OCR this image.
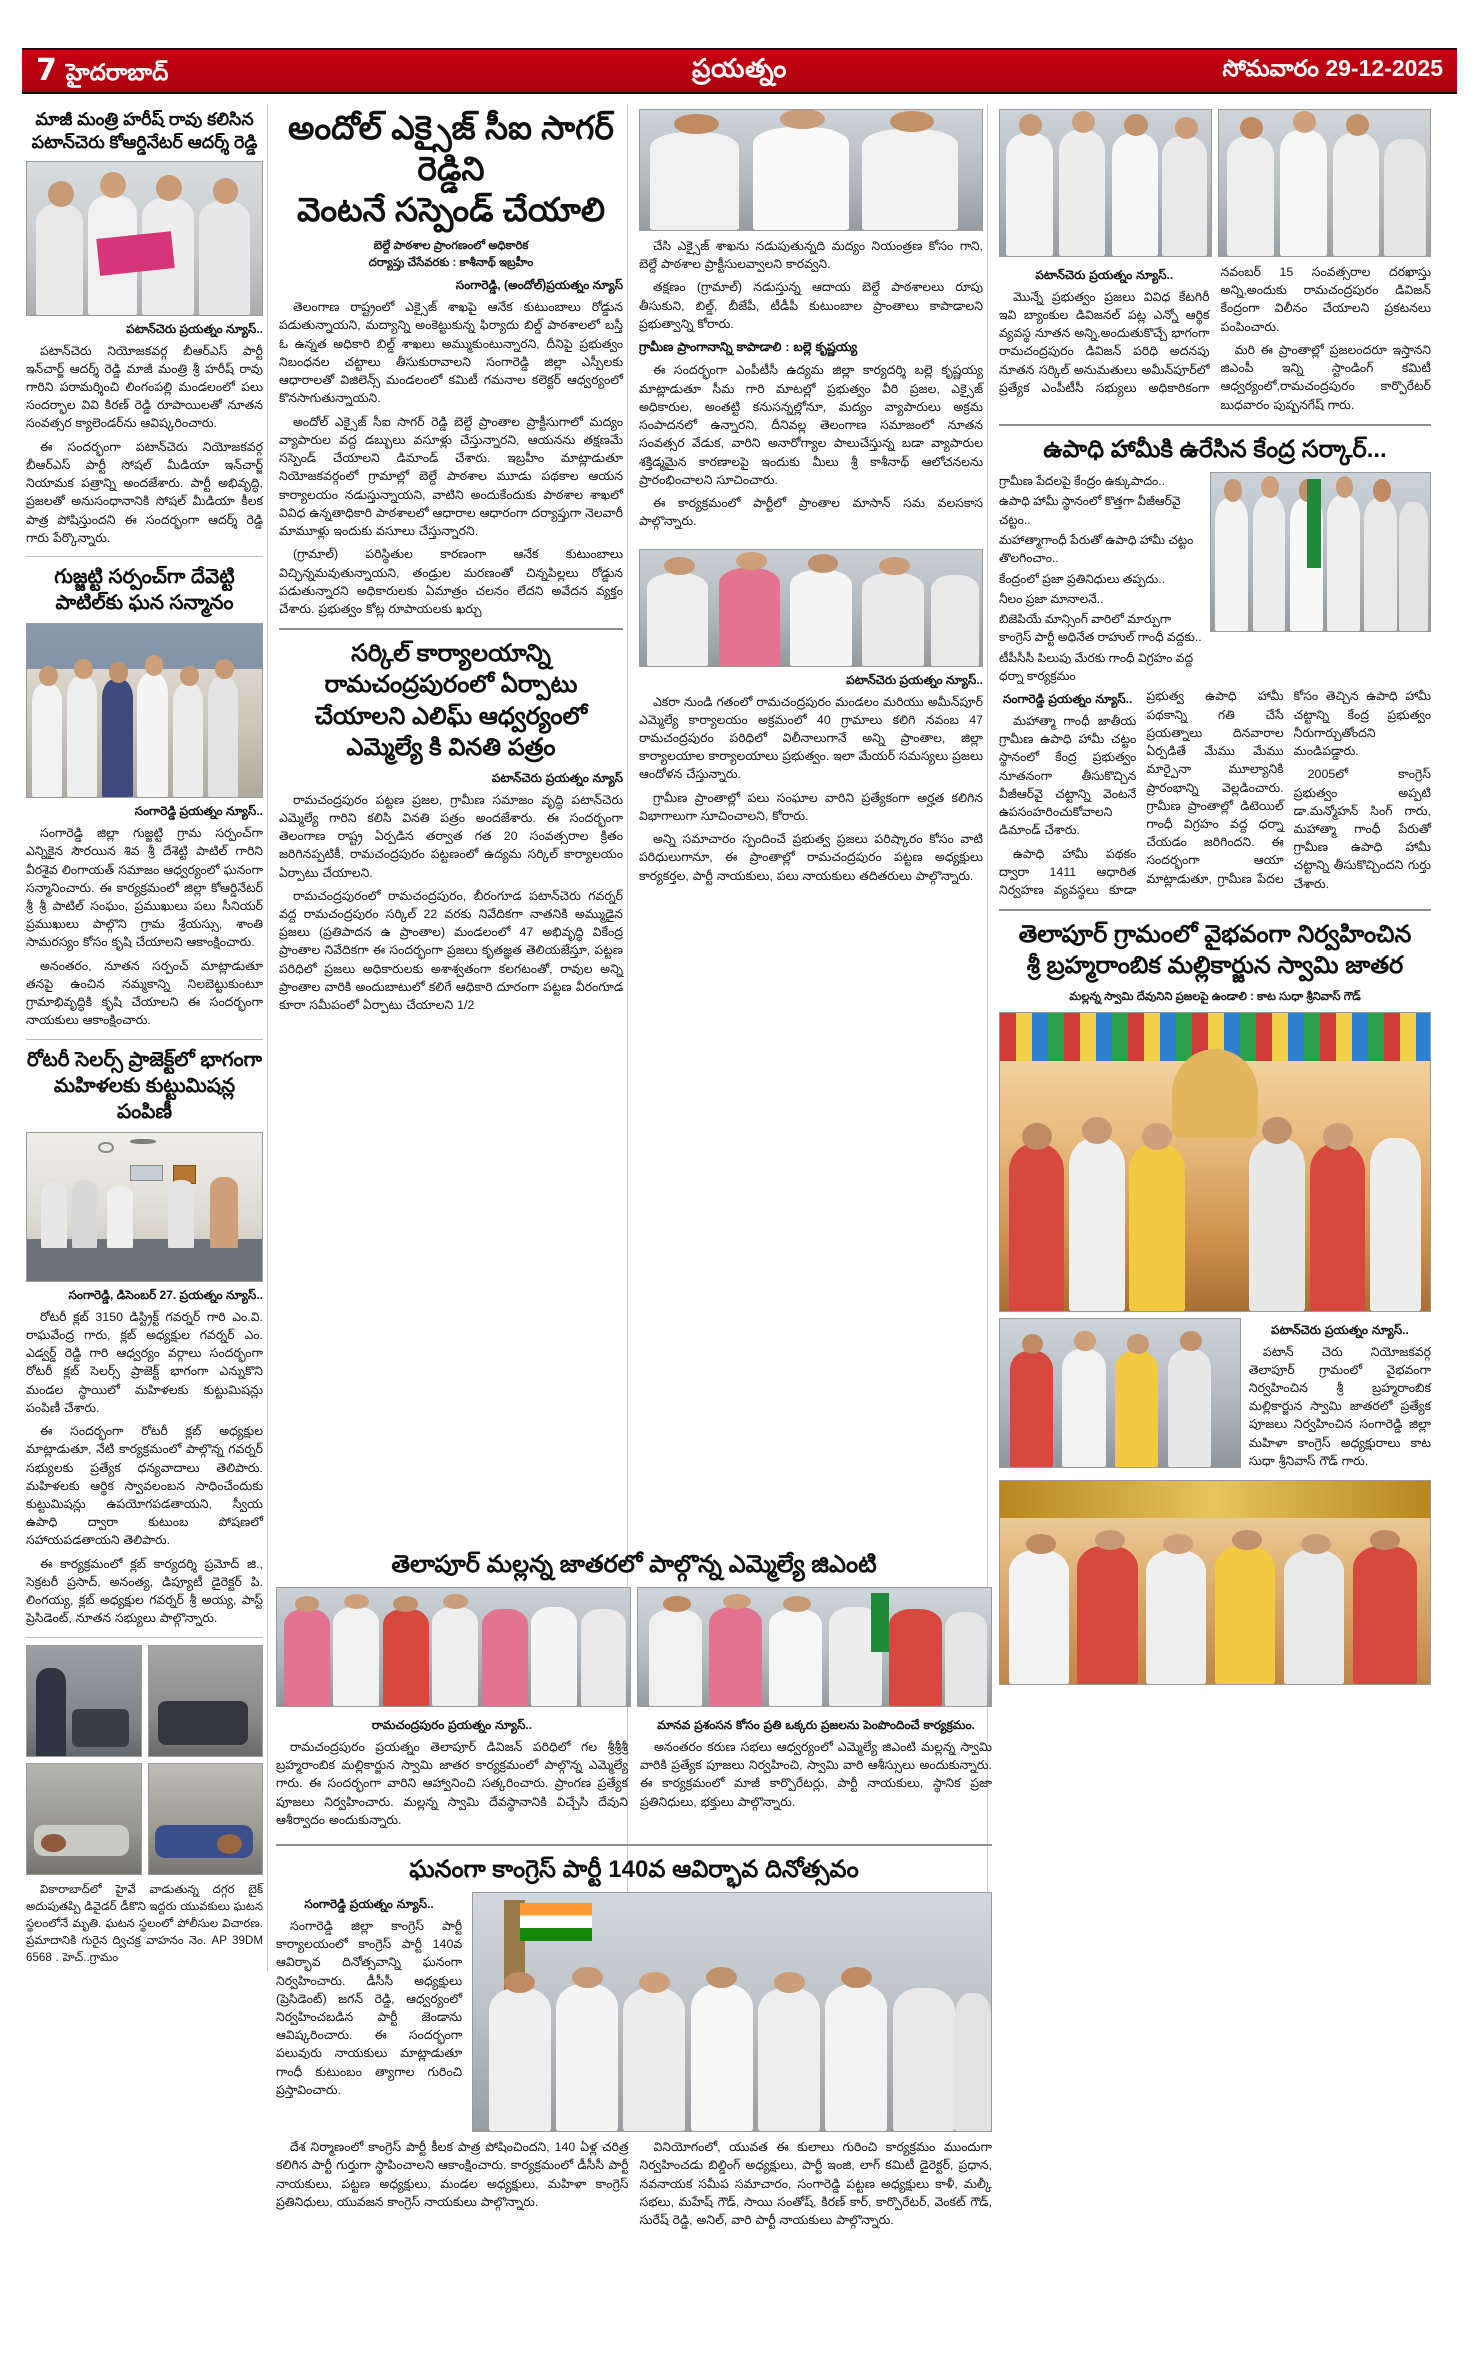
7 హైదరాబాద్	ప్రయత్నం	సోమవారం 29-12-2025
మాజీ మంత్రి హరీష్ రావు కలిసిన
పటాన్‌చెరు కోఆర్డినేటర్ ఆదర్శ్ రెడ్డి
పటాన్‌చెరు ప్రయత్నం న్యూస్..

పటాన్‌చెరు నియోజకవర్గ బీఆర్ఎస్ పార్టీ ఇన్‌చార్జ్ ఆదర్శ్ రెడ్డి మాజీ మంత్రి శ్రీ హరీష్ రావు గారిని పరామర్శించి లింగంపల్లి మండలంలో పలు సందర్భాల వివి కిరణ్ రెడ్డి రూపాయిలతో నూతన సంవత్సర క్యాలెండర్‌ను ఆవిష్కరించారు.

ఈ సందర్భంగా పటాన్‌చెరు నియోజకవర్గ బీఆర్ఎస్ పార్టీ సోషల్ మీడియా ఇన్‌చార్జ్ నియామక పత్రాన్ని అందజేశారు. పార్టీ అభివృద్ధి, ప్రజలతో అనుసంధానానికి సోషల్ మీడియా కీలక పాత్ర పోషిస్తుందని ఈ సందర్భంగా ఆదర్శ్ రెడ్డి గారు పేర్కొన్నారు.

గుజ్జట్టి సర్పంచ్‌గా దేవెట్టి
పాటిల్‌కు ఘన సన్మానం
సంగారెడ్డి ప్రయత్నం న్యూస్..

సంగారెడ్డి జిల్లా గుజ్జట్టి గ్రామ సర్పంచ్‌గా ఎన్నికైన సౌరయిన శివ శ్రీ దేశెట్టి పాటిల్ గారిని వీరశైవ లింగాయత్ సమాజం ఆధ్వర్యంలో ఘనంగా సన్మానించారు. ఈ కార్యక్రమంలో జిల్లా కోఆర్డినేటర్ శ్రీ శ్రీ పాటిల్ సంఘం, ప్రముఖులు పలు సీనియర్ ప్రముఖులు పాల్గొని గ్రామ శ్రేయస్సు, శాంతి సామరస్యం కోసం కృషి చేయాలని ఆకాంక్షించారు.

అనంతరం, నూతన సర్పంచ్ మాట్లాడుతూ తనపై ఉంచిన నమ్మకాన్ని నిలబెట్టుకుంటూ గ్రామాభివృద్ధికి కృషి చేయాలని ఈ సందర్భంగా నాయకులు ఆకాంక్షించారు.

రోటరీ సెలర్స్ ప్రాజెక్ట్‌లో భాగంగా
మహిళలకు కుట్టుమిషన్ల పంపిణీ
సంగారెడ్డి, డిసెంబర్ 27. ప్రయత్నం న్యూస్..

రోటరీ క్లబ్ 3150 డిస్ట్రిక్ట్ గవర్నర్ గారి ఎం.వి. రాఘవేంద్ర గారు, క్లబ్ అధ్యక్షుల గవర్నర్ ఎం. ఎడ్వర్డ్ రెడ్డి గారి ఆధ్వర్యం వర్గాలు సందర్భంగా రోటరీ క్లబ్ సెలర్స్ ప్రాజెక్ట్ భాగంగా ఎన్నుకొని మండల స్థాయిలో మహిళలకు కుట్టుమిషన్లు పంపిణీ చేశారు.

ఈ సందర్భంగా రోటరీ క్లబ్ అధ్యక్షుల మాట్లాడుతూ, నేటి కార్యక్రమంలో పాల్గొన్న గవర్నర్ సభ్యులకు ప్రత్యేక ధన్యవాదాలు తెలిపారు. మహిళలకు ఆర్థిక స్వావలంబన సాధించేందుకు కుట్టుమిషన్లు ఉపయోగపడతాయని, స్వీయ ఉపాధి ద్వారా కుటుంబ పోషణలో సహాయపడతాయని తెలిపారు.

ఈ కార్యక్రమంలో క్లబ్ కార్యదర్శి ప్రమోద్ జి., సెక్రటరీ ప్రసాద్, అనంత్య, డిప్యూటీ డైరెక్టర్ పి. లింగయ్య, క్లబ్ అధ్యక్షుల గవర్నర్ శ్రీ అయ్య, పాస్ట్ ప్రెసిడెంట్, నూతన సభ్యులు పాల్గొన్నారు.

వికారాబాద్‌లో హైవే వాడుతున్న దగ్గర బైక్ అదుపుతప్పి డివైడర్ డీకొని ఇద్దరు యువకులు ఘటన స్థలంలోనే మృతి. ఘటన స్థలంలో పోలీసుల విచారణ. ప్రమాదానికి గురైన ద్విచక్ర వాహనం నెం. AP 39DM 6568 . హెచ్..గ్రామం

అందోల్ ఎక్సైజ్ సీఐ సాగర్ రెడ్డిని
వెంటనే సస్పెండ్ చేయాలి
బెల్దే పాఠశాల ప్రాంగణంలో అధికారిక
దర్యాప్తు చేసేవరకు : కాశీనాథ్ ఇబ్రహీం
సంగారెడ్డి, (అందోల్)ప్రయత్నం న్యూస్

తెలంగాణ రాష్ట్రంలో ఎక్సైజ్ శాఖపై ఆనేక కుటుంబాలు రోడ్డున పడుతున్నాయని, మద్యాన్ని అంకెట్టుకున్న ఫిర్యాదు బిల్డ్ పాఠశాలలో బస్తీ ఓ ఉన్నత అధికారి బిల్డ్ శాఖలు అమ్ముకుంటున్నారని, దీనిపై ప్రభుత్వం నిబంధనల చట్టాలు తీసుకురావాలని సంగారెడ్డి జిల్లా ఎస్పీలకు ఆధారాలతో విజిలెన్స్ మండలంలో కమిటీ గమనాల కలెక్టర్ ఆధ్వర్యంలో కొనసాగుతున్నాయని.

అందోల్ ఎక్సైజ్ సీఐ సాగర్ రెడ్డి బెల్దే ప్రాంతాల ప్రాక్టీసుగాలో మద్యం వ్యాపారుల వద్ద డబ్బులు వసూళ్లు చేస్తున్నారని, ఆయనను తక్షణమే సస్పెండ్ చేయాలని డిమాండ్ చేశారు. ఇబ్రహీం మాట్లాడుతూ నియోజకవర్గంలో గ్రామాల్లో బెల్దే పాఠశాల మూడు పథకాల ఆయన కార్యాలయం నడుస్తున్నాయని, వాటిని అందుకేందుకు పాఠశాల శాఖలో వివిధ ఉన్నతాధికారి పాఠశాలలో ఆధారాల ఆధారంగా దర్యాప్తుగా నెలవారీ మామూళ్లు ఇందుకు వసూలు చేస్తున్నారని.

(గ్రామాల్) పరిస్థితుల కారణంగా ఆనేక కుటుంబాలు విచ్ఛిన్నమవుతున్నాయని, తండ్రుల మరణంతో చిన్నపిల్లలు రోడ్డున పడుతున్నారని అధికారులకు ఏమాత్రం చలనం లేదని అవేదన వ్యక్తం చేశారు. ప్రభుత్వం కోట్ల రూపాయలకు ఖర్చు

సర్కిల్ కార్యాలయాన్ని రామచంద్రపురంలో ఏర్పాటు
చేయాలని ఎలిఘ్ ఆధ్వర్యంలో ఎమ్మెల్యే కి వినతి పత్రం
పటాన్‌చెరు ప్రయత్నం న్యూస్

రామచంద్రపురం పట్టణ ప్రజల, గ్రామీణ సమాజం వృద్ధి పటాన్‌చెరు ఎమ్మెల్యే గారిని కలిసి వినతి పత్రం అందజేశారు. ఈ సందర్భంగా తెలంగాణ రాష్ట్ర ఏర్పడిన తర్వాత గత 20 సంవత్సరాల క్రితం జరిగినప్పటికీ, రామచంద్రపురం పట్టణంలో ఉద్యమ సర్కిల్ కార్యాలయం ఏర్పాటు చేయాలని.

రామచంద్రపురంలో రామచంద్రపురం, బీరంగూడ పటాన్‌చెరు గవర్నర్ వద్ద రామచంద్రపురం సర్కిల్ 22 వరకు నివేదికగా నాతనికి అమ్ముడైన ప్రజలు (ప్రతిపాదన ఉ ప్రాంతాల) మండలంలో 47 అభివృద్ధి వికేంద్ర ప్రాంతాల నివేదికగా ఈ సందర్భంగా ప్రజలు కృతజ్ఞత తెలియజేస్తూ, పట్టణ పరిధిలో ప్రజలు అధికారులకు అశాశ్వతంగా కలగటంతో, రావుల అన్ని ప్రాంతాల వారికి అందుబాటులో కలిగే ఆధికారి దూరంగా పట్టణ వీరంగూడ కూరా సమీపంలో ఏర్పాటు చేయాలని 1/2

చేసి ఎక్సైజ్ శాఖను నడుపుతున్నది మద్యం నియంత్రణ కోసం గాని, బెల్దే పాఠశాల ప్రాక్టీసులవ్వాలని కారవ్వని.

తక్షణం (గ్రామాల్) నడుస్తున్న ఆదాయ బెల్దే పాఠశాలలు రూపు తీసుకుని, బిల్డ్, బీజేపీ, టీడీపీ కుటుంబాల ప్రాంతాలు కాపాడాలని ప్రభుత్వాన్ని కోరారు.

గ్రామీణ ప్రాంగానాన్ని కాపాడాలి : బల్లె కృష్ణయ్య

ఈ సందర్భంగా ఎంపీటీసీ ఉద్యమ జిల్లా కార్యదర్శి బల్లె కృష్ణయ్య మాట్లాడుతూ సీమ గారి మాటల్లో ప్రభుత్వం వీరి ప్రజల, ఎక్సైజ్ అధికారుల, అంతట్టి కనుసన్నల్లోనూ, మద్యం వ్యాపారులు అక్రమ సంపాదనలో ఉన్నారని, దీనివల్ల తెలంగాణ సమాజంలో నూతన సంవత్సర వేడుక, వారిని అనారోగ్యాల పాలుచేస్తున్న బడా వ్యాపారుల శక్తిడ్మమైన కారణాలపై ఇందుకు మీలు శ్రీ కాశీనాథ్ ఆలోచనలను ప్రారంభించాలని సూచించారు.

ఈ కార్యక్రమంలో పార్టీలో ప్రాంతాల మాసాన్ సమ వలసకాస పాల్గొన్నారు.

పటాన్‌చెరు ప్రయత్నం న్యూస్..

ఎకరా నుండి గతంలో రామచంద్రపురం మండలం మరియు అమీన్‌పూర్ ఎమ్మెల్యే కార్యాలయం అక్రమంలో 40 గ్రామాలు కలిగి నవంబ 47 రామచంద్రపురం పరిధిలో విలీనాలుగానే అన్ని ప్రాంతాల, జిల్లా కార్యాలయాల కార్యాలయాలు ప్రభుత్వం. ఇలా మేయర్ సమస్యలు ప్రజలు ఆందోళన చేస్తున్నారు.

గ్రామీణ ప్రాంతాల్లో పలు సంఘాల వారిని ప్రత్యేకంగా అర్హత కలిగిన విభాగాలుగా సూచించాలని, కోరారు.

అన్ని సమాచారం స్పందించే ప్రభుత్వ ప్రజలు పరిష్కారం కోసం వాటి పరిధులుగానూ, ఈ ప్రాంతాల్లో రామచంద్రపురం పట్టణ అధ్యక్షులు కార్యకర్తల, పార్టీ నాయకులు, పలు నాయకులు తదితరులు పాల్గొన్నారు.

పటాన్‌చెరు ప్రయత్నం న్యూస్..

మొన్నే ప్రభుత్వం ప్రజలు వివిధ కేటగిరీ ఇవి బ్యాంకుల డివిజనల్ పట్ల ఎన్నో ఆర్థిక వ్యవస్థ నూతన అన్ని,అందుతుకొచ్చే భాగంగా రామచంద్రపురం డివిజన్ పరిధి అదనపు నూతన సర్కిల్ అనుమతులు అమీన్‌పూర్‌లో ప్రత్యేక ఎంపీటీసీ సభ్యులు అధికారికంగా నవంబర్ 15 సంవత్సరాల దరఖాస్తు అన్ని,అందుకు రామచంద్రపురం డివిజన్ కేంద్రంగా విలీనం చేయాలని ప్రకటనలు పంపించారు.

మరి ఈ ప్రాంతాల్లో ప్రజలందరూ ఇస్తానని జిఎంపీ ఇన్ని స్టాండింగ్ కమిటీ ఆధ్వర్యంలో,రామచంద్రపురం కార్పొరేటర్ బుధవారం పుష్పనగేష్ గారు.

ఉపాధి హామీకి ఉరేసిన కేంద్ర సర్కార్...
గ్రామీణ పేదలపై కేంద్రం ఉక్కుపాదం..
ఉపాధి హామీ స్థానంలో కొత్తగా వీజీఆర్‌వై చట్టం..
మహాత్మాగాంధీ పేరుతో ఉపాధి హామీ చట్టం తొలగించాం..
కేంద్రంలో ప్రజా ప్రతినిధులు తప్పదు..
నీలం ప్రజా మానాలనే..
బిజెపియే మాన్సింగ్ వారిలో మార్పుగా కాంగ్రెస్ పార్టీ అధినేత రాహుల్ గాంధీ వద్దకు..
టీపీసీసీ పిలుపు మేరకు గాంధీ విగ్రహం వద్ద ధర్నా కార్యక్రమం
సంగారెడ్డి ప్రయత్నం న్యూస్..

మహాత్మా గాంధీ జాతీయ గ్రామీణ ఉపాధి హామీ చట్టం స్థానంలో కేంద్ర ప్రభుత్వం నూతనంగా తీసుకొచ్చిన వీజీఆర్‌వై చట్టాన్ని వెంటనే ఉపసంహరించుకోవాలని డిమాండ్ చేశారు.

ఉపాధి హామీ పథకం ద్వారా 1411 ఆధారిత నిర్వహణ వ్యవస్థలు కూడా ప్రభుత్వ ఉపాధి హామీ పథకాన్ని గతి చేసే ప్రయత్నాలు దినవారాల ఏర్పడితే మేము మేము మార్పైనా మూల్యానికి ప్రారంభాన్ని వెల్లడించారు. గ్రామీణ ప్రాంతాల్లో డిటెయిల్ గాంధీ విగ్రహం వద్ద ధర్నా చేయడం జరిగిందని. ఈ సందర్భంగా ఆయా మాట్లాడుతూ, గ్రామీణ పేదల కోసం తెచ్చిన ఉపాధి హామీ చట్టాన్ని కేంద్ర ప్రభుత్వం నీరుగార్చుతోందని మండిపడ్డారు.

2005లో కాంగ్రెస్ ప్రభుత్వం అప్పటి డా.మన్మోహన్ సింగ్ గారు, మహాత్మా గాంధీ పేరుతో గ్రామీణ ఉపాధి హామీ చట్టాన్ని తీసుకొచ్చిందని గుర్తు చేశారు.

తెలాపూర్ గ్రామంలో వైభవంగా నిర్వహించిన
శ్రీ బ్రహ్మరాంబిక మల్లికార్జున స్వామి జాతర
మల్లన్న స్వామి దేవునిని ప్రజలపై ఉండాలి : కాట సుధా శ్రీనివాస్ గౌడ్
పటాన్‌చెరు ప్రయత్నం న్యూస్..

పటాన్ చెరు నియోజకవర్గ తెలాపూర్ గ్రామంలో వైభవంగా నిర్వహించిన శ్రీ బ్రహ్మరాంబిక మల్లికార్జున స్వామి జాతరలో ప్రత్యేక పూజలు నిర్వహించిన సంగారెడ్డి జిల్లా మహిళా కాంగ్రెస్ అధ్యక్షురాలు కాట సుధా శ్రీనివాస్ గౌడ్ గారు.

తెలాపూర్ మల్లన్న జాతరలో పాల్గొన్న ఎమ్మెల్యే జిఎంటి
రామచంద్రపురం ప్రయత్నం న్యూస్..

రామచంద్రపురం ప్రయత్నం తెలాపూర్ డివిజన్ పరిధిలో గల శ్రీశ్రీశ్రీ బ్రహ్మరాంబిక మల్లికార్జున స్వామి జాతర కార్యక్రమంలో పాల్గొన్న ఎమ్మెల్యే గారు. ఈ సందర్భంగా వారిని ఆహ్వానించి సత్కరించారు. ప్రాంగణ ప్రత్యేక పూజలు నిర్వహించారు. మల్లన్న స్వామి దేవస్థానానికి విచ్చేసి దేవుని ఆశీర్వాదం అందుకున్నారు.

మానవ ప్రశంసన కోసం ప్రతి ఒక్కరు ప్రజలను పెంపొందించే కార్యక్రమం.

అనంతరం కరుణ సభలు ఆధ్వర్యంలో ఎమ్మెల్యే జిఎంటి మల్లన్న స్వామి వారికి ప్రత్యేక పూజలు నిర్వహించి, స్వామి వారి ఆశీస్సులు అందుకున్నారు. ఈ కార్యక్రమంలో మాజీ కార్పొరేటర్లు, పార్టీ నాయకులు, స్థానిక ప్రజా ప్రతినిధులు, భక్తులు పాల్గొన్నారు.

ఘనంగా కాంగ్రెస్ పార్టీ 140వ ఆవిర్భావ దినోత్సవం
సంగారెడ్డి ప్రయత్నం న్యూస్..

సంగారెడ్డి జిల్లా కాంగ్రెస్ పార్టీ కార్యాలయంలో కాంగ్రెస్ పార్టీ 140వ ఆవిర్భావ దినోత్సవాన్ని ఘనంగా నిర్వహించారు. డీసీసీ అధ్యక్షులు (ప్రెసిడెంట్) జగన్ రెడ్డి, ఆధ్వర్యంలో నిర్వహించబడిన పార్టీ జెండాను ఆవిష్కరించారు. ఈ సందర్భంగా పలువురు నాయకులు మాట్లాడుతూ గాంధీ కుటుంబం త్యాగాల గురించి ప్రస్తావించారు.

దేశ నిర్మాణంలో కాంగ్రెస్ పార్టీ కీలక పాత్ర పోషించిందని, 140 ఏళ్ల చరిత్ర కలిగిన పార్టీ గుర్తుగా స్థాపించాలని ఆకాంక్షించారు. కార్యక్రమంలో డీసీసీ పార్టీ నాయకులు, పట్టణ అధ్యక్షులు, మండల అధ్యక్షులు, మహిళా కాంగ్రెస్ ప్రతినిధులు, యువజన కాంగ్రెస్ నాయకులు పాల్గొన్నారు.

వినియోగంలో, యువత ఈ కులాలు గురించి కార్యక్రమం ముందుగా నిర్వహించడు బిల్డింగ్ అధ్యక్షులు, పార్టీ ఇంజి, లాగ్ కమిటీ డైరెక్టర్, ప్రధాన, నవనాయక సమీప సమాచారం, సంగారెడ్డి పట్టణ అధ్యక్షులు కాళీ, మల్కీ సభలు, మహేష్ గౌడ్, సాయి సంతోష్, కిరణ్ కార్, కార్పొరేటర్, వెంకట్ గౌడ్, సురేష్ రెడ్డి, అనిల్, వారి పార్టీ నాయకులు పాల్గొన్నారు.
